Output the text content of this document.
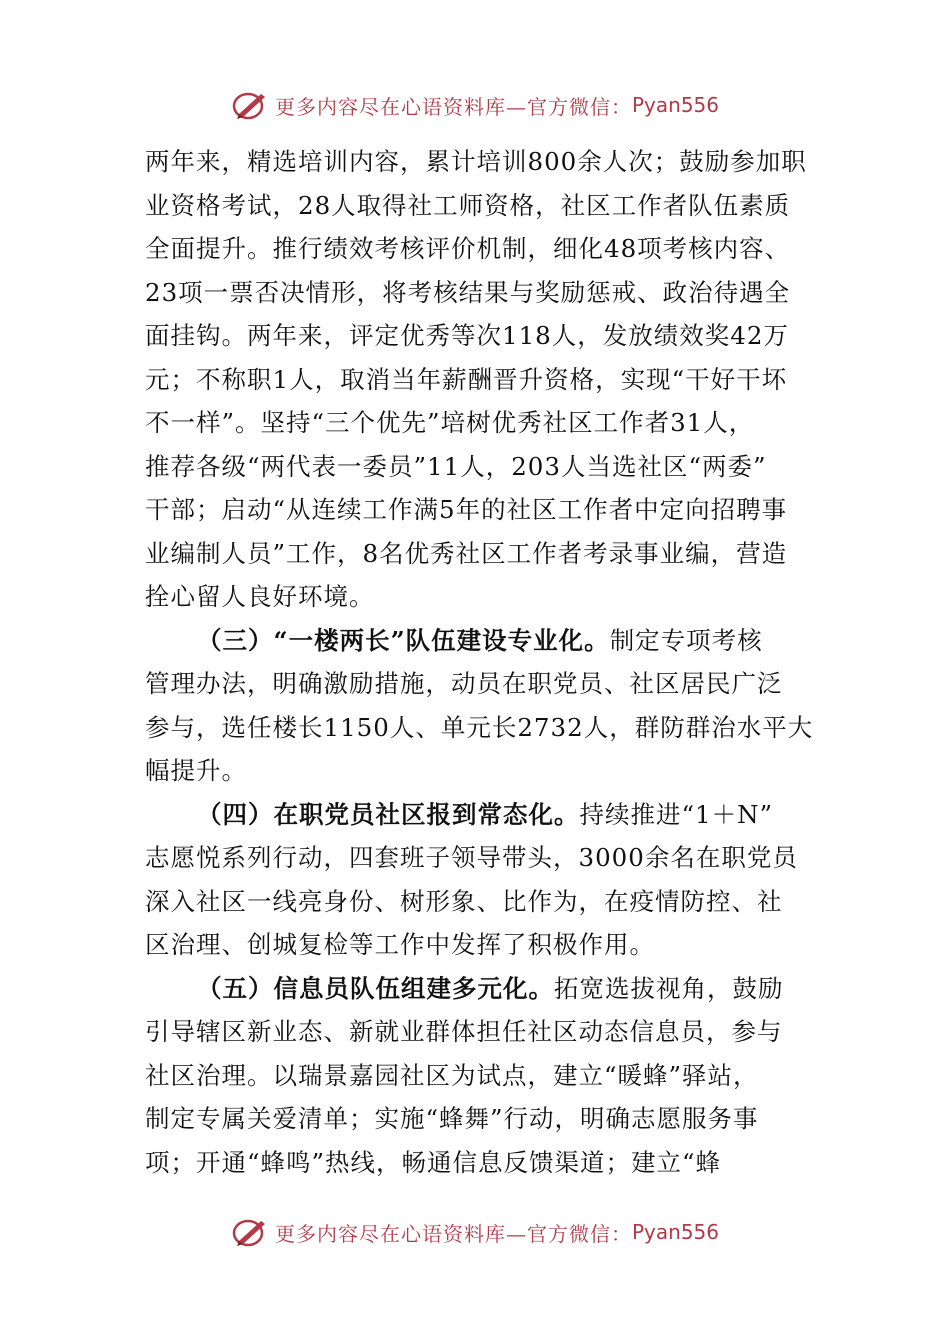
更多内容尽在心语资料库—官方微信： Pyan556
两年来，精选培训内容，累计培训800余人次；鼓励参加职
业资格考试，28人取得社工师资格，社区工作者队伍素质
全面提升。推行绩效考核评价机制，细化48项考核内容、
23项一票否决情形，将考核结果与奖励惩戒、政治待遇全
面挂钩。两年来，评定优秀等次118人，发放绩效奖42万
元；不称职1人，取消当年薪酬晋升资格，实现“干好干坏
不一样”。坚持“三个优先”培树优秀社区工作者31人，
推荐各级“两代表一委员”11人，203人当选社区“两委”
干部；启动“从连续工作满5年的社区工作者中定向招聘事
业编制人员”工作，8名优秀社区工作者考录事业编，营造
拴心留人良好环境。
（三）“一楼两长”队伍建设专业化。制定专项考核
管理办法，明确激励措施，动员在职党员、社区居民广泛
参与，选任楼长1150人、单元长2732人，群防群治水平大
幅提升。
（四）在职党员社区报到常态化。持续推进“1＋N”
志愿悦系列行动，四套班子领导带头，3000余名在职党员
深入社区一线亮身份、树形象、比作为，在疫情防控、社
区治理、创城复检等工作中发挥了积极作用。
（五）信息员队伍组建多元化。拓宽选拔视角，鼓励
引导辖区新业态、新就业群体担任社区动态信息员，参与
社区治理。以瑞景嘉园社区为试点，建立“暖蜂”驿站，
制定专属关爱清单；实施“蜂舞”行动，明确志愿服务事
项；开通“蜂鸣”热线，畅通信息反馈渠道；建立“蜂
更多内容尽在心语资料库—官方微信： Pyan556
